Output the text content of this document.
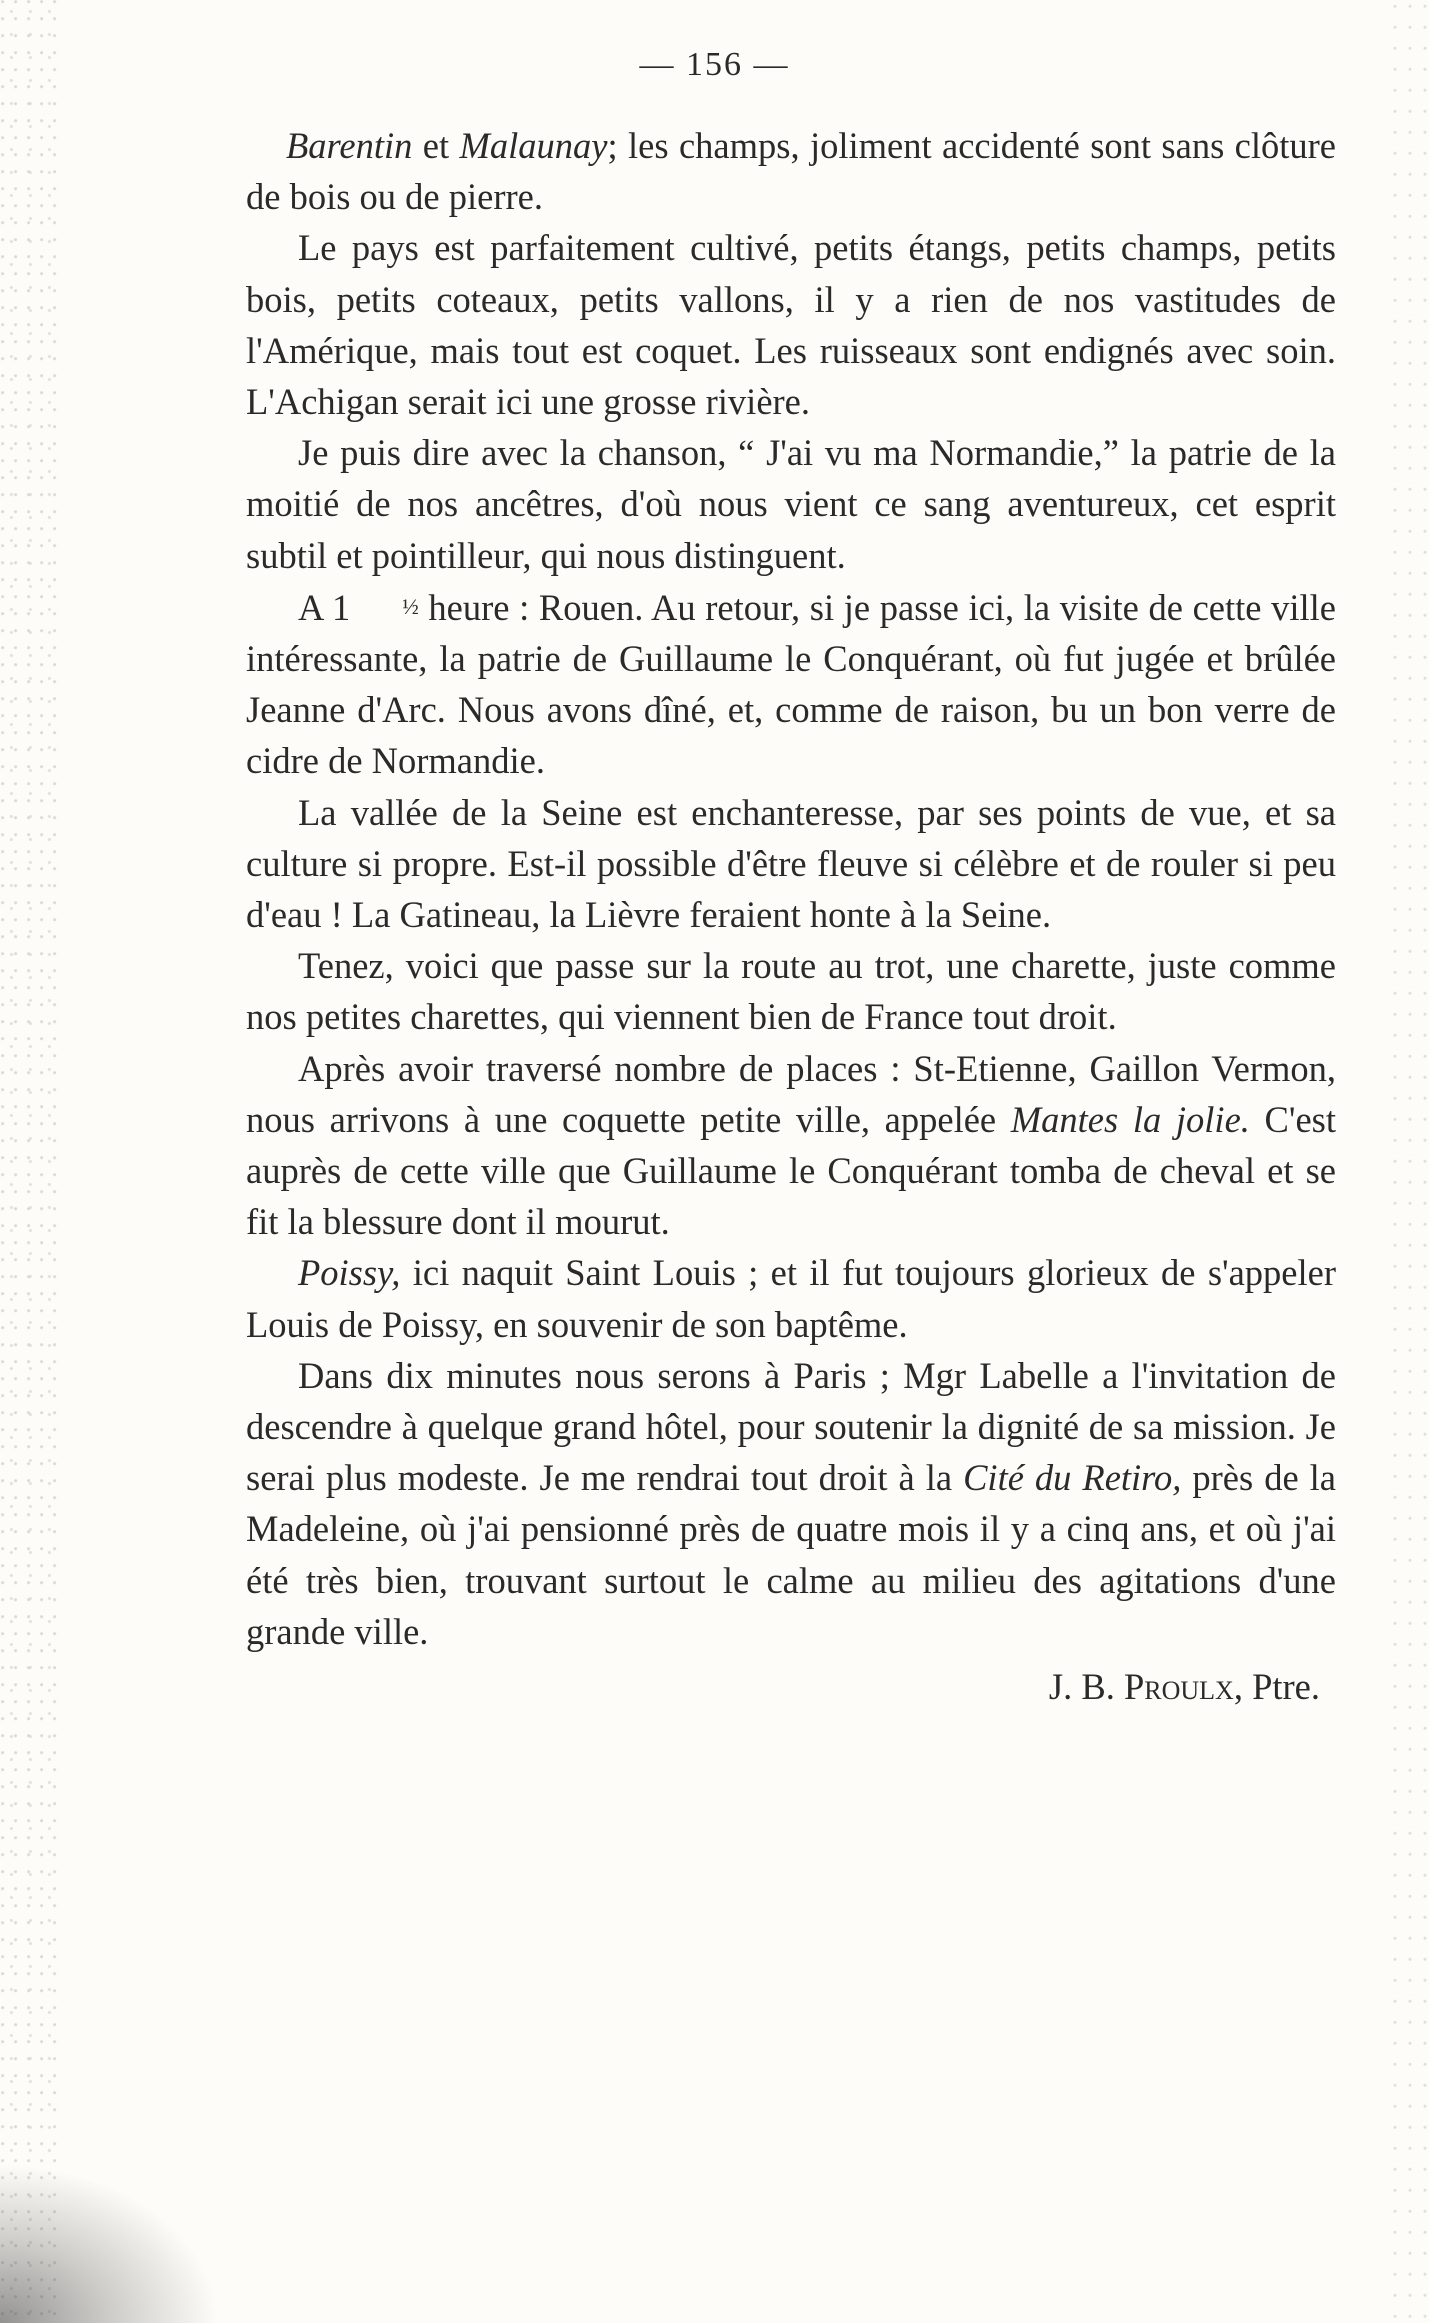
— 156 —

Barentin et Malaunay; les champs, joliment accidenté sont sans clôture de bois ou de pierre.

Le pays est parfaitement cultivé, petits étangs, petits champs, petits bois, petits coteaux, petits vallons, il y a rien de nos vastitudes de l'Amérique, mais tout est coquet. Les ruisseaux sont endignés avec soin. L'Achigan serait ici une grosse rivière.

Je puis dire avec la chanson, “ J'ai vu ma Normandie,” la patrie de la moitié de nos ancêtres, d'où nous vient ce sang aventureux, cet esprit subtil et pointilleur, qui nous distinguent.

A 1 ½ heure : Rouen. Au retour, si je passe ici, la visite de cette ville intéressante, la patrie de Guillaume le Conquérant, où fut jugée et brûlée Jeanne d'Arc. Nous avons dîné, et, comme de raison, bu un bon verre de cidre de Normandie.

La vallée de la Seine est enchanteresse, par ses points de vue, et sa culture si propre. Est-il possible d'être fleuve si célèbre et de rouler si peu d'eau ! La Gatineau, la Lièvre feraient honte à la Seine.

Tenez, voici que passe sur la route au trot, une charette, juste comme nos petites charettes, qui viennent bien de France tout droit.

Après avoir traversé nombre de places : St-Etienne, Gaillon Vermon, nous arrivons à une coquette petite ville, appelée Mantes la jolie. C'est auprès de cette ville que Guillaume le Conquérant tomba de cheval et se fit la blessure dont il mourut.

Poissy, ici naquit Saint Louis ; et il fut toujours glorieux de s'appeler Louis de Poissy, en souvenir de son baptême.

Dans dix minutes nous serons à Paris ; Mgr Labelle a l'invitation de descendre à quelque grand hôtel, pour soutenir la dignité de sa mission. Je serai plus modeste. Je me rendrai tout droit à la Cité du Retiro, près de la Madeleine, où j'ai pensionné près de quatre mois il y a cinq ans, et où j'ai été très bien, trouvant surtout le calme au milieu des agitations d'une grande ville.

J. B. Proulx, Ptre.
